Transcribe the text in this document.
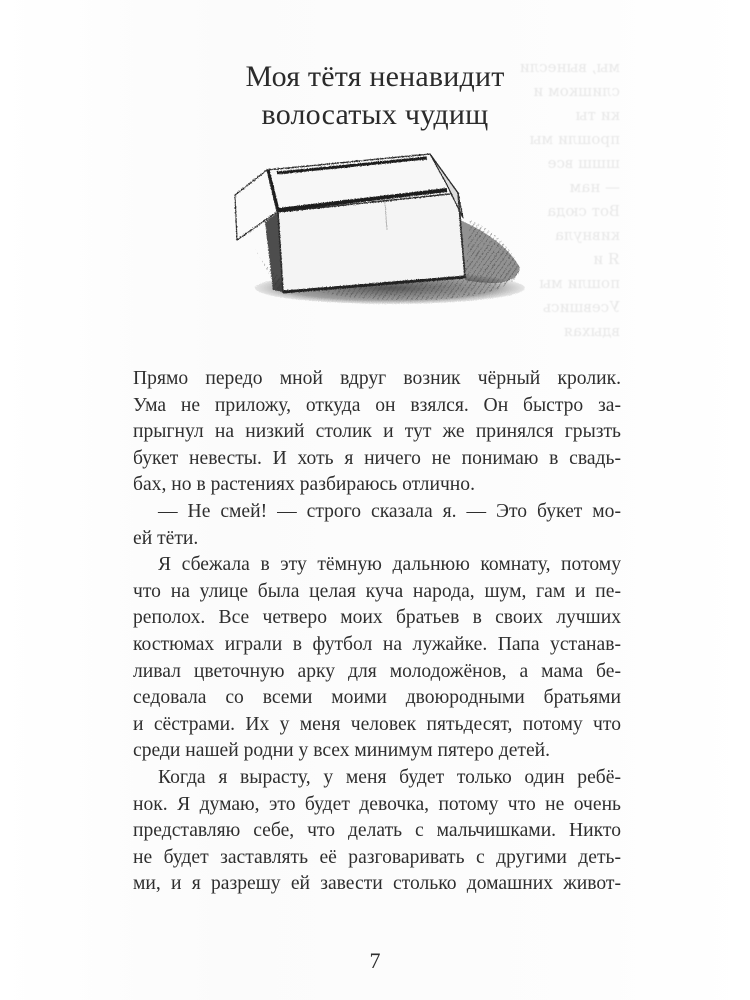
мы, вынесли
слишком и
ки ты
прошли мы
шшш все
— нам
Вот сюда
кивнула
Я и
пошли мы
Усевшись
вдыхая
Моя тётя ненавидит
волосатых чудищ
Прямо передо мной вдруг возник чёрный кролик.
Ума не приложу, откуда он взялся. Он быстро за-
прыгнул на низкий столик и тут же принялся грызть
букет невесты. И хоть я ничего не понимаю в свадь-
бах, но в растениях разбираюсь отлично.
— Не смей! — строго сказала я. — Это букет мо-
ей тёти.
Я сбежала в эту тёмную дальнюю комнату, потому
что на улице была целая куча народа, шум, гам и пе-
реполох. Все четверо моих братьев в своих лучших
костюмах играли в футбол на лужайке. Папа устанав-
ливал цветочную арку для молодожёнов, а мама бе-
седовала со всеми моими двоюродными братьями
и сёстрами. Их у меня человек пятьдесят, потому что
среди нашей родни у всех минимум пятеро детей.
Когда я вырасту, у меня будет только один ребё-
нок. Я думаю, это будет девочка, потому что не очень
представляю себе, что делать с мальчишками. Никто
не будет заставлять её разговаривать с другими деть-
ми, и я разрешу ей завести столько домашних живот-
7
